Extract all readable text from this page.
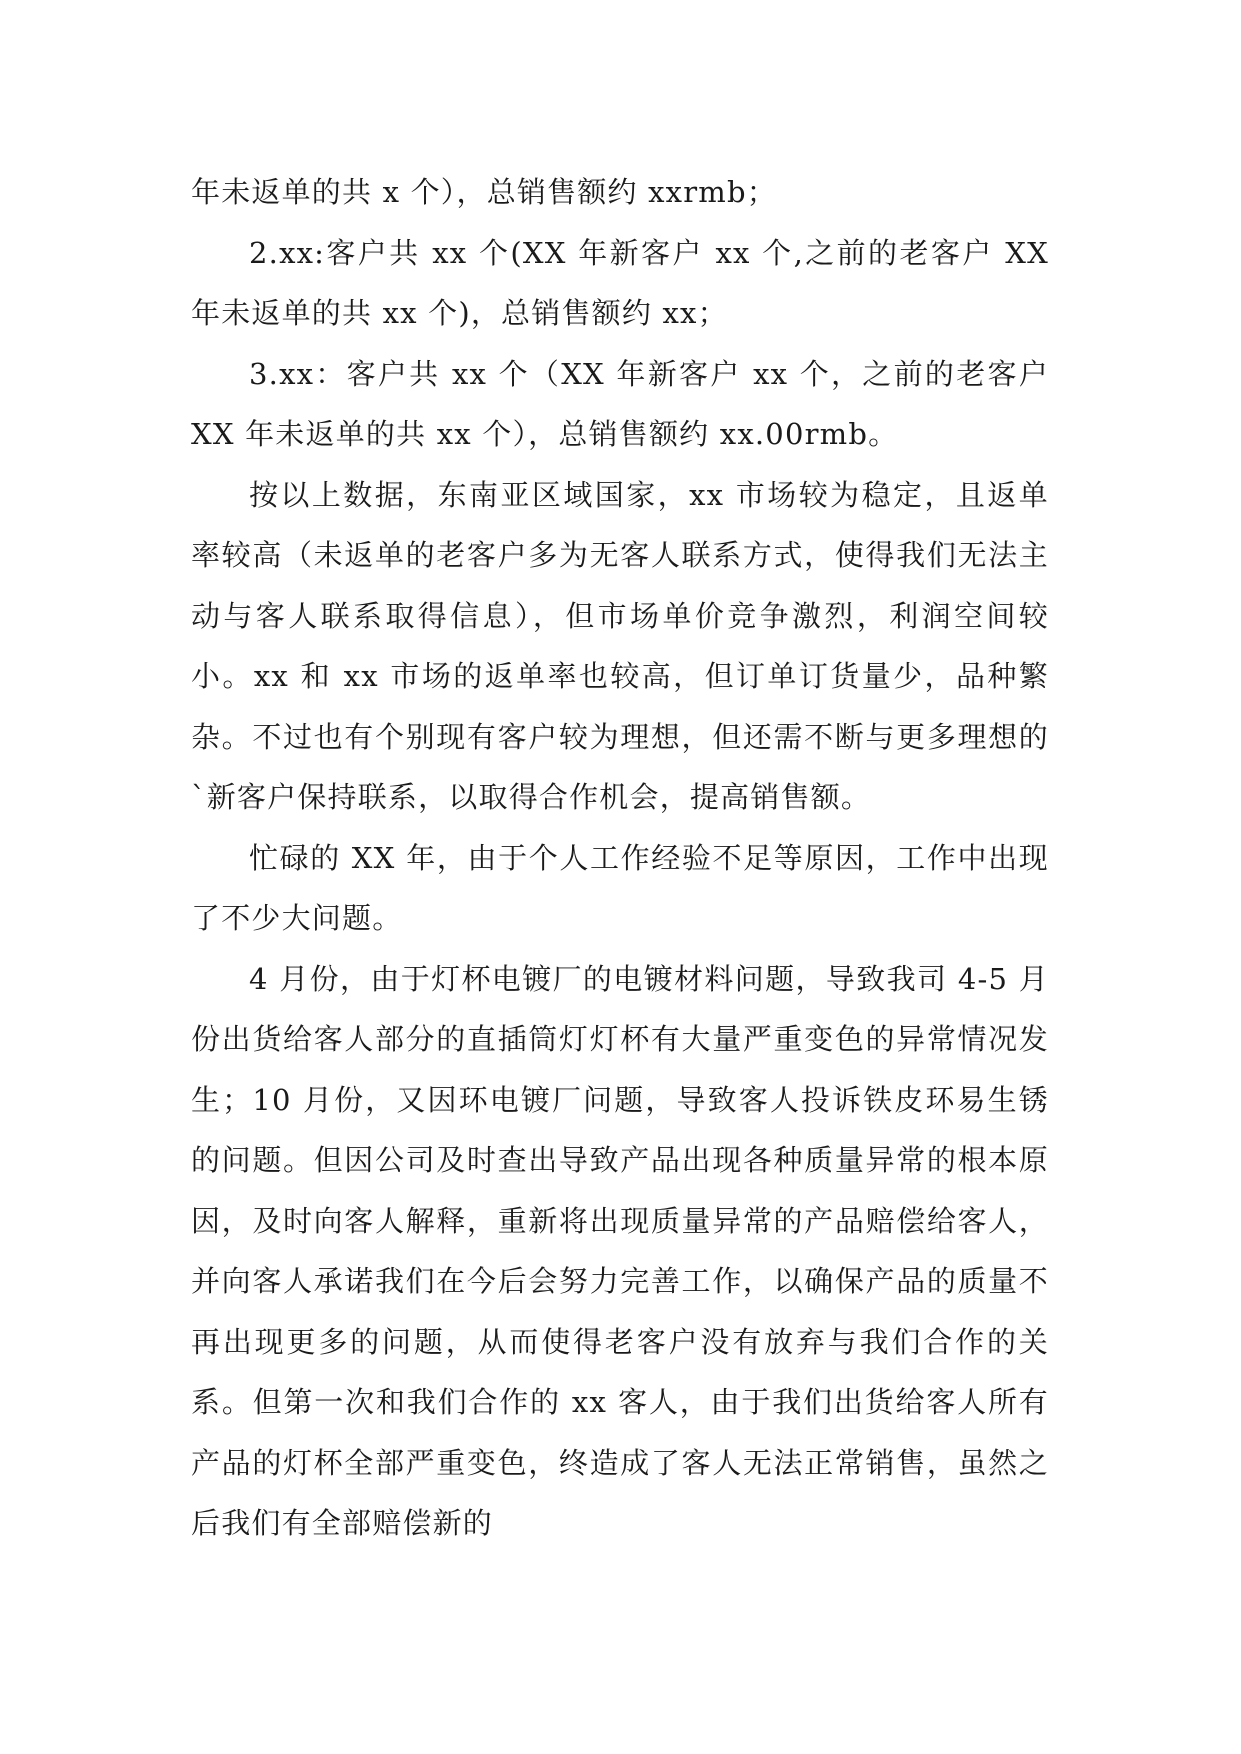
年未返单的共 x 个），总销售额约 xxrmb；

2.xx:客户共 xx 个(XX 年新客户 xx 个,之前的老客户 XX 年未返单的共 xx 个)，总销售额约 xx；

3.xx：客户共 xx 个（XX 年新客户 xx 个，之前的老客户 XX 年未返单的共 xx 个），总销售额约 xx.00rmb。

按以上数据，东南亚区域国家，xx 市场较为稳定，且返单率较高（未返单的老客户多为无客人联系方式，使得我们无法主动与客人联系取得信息），但市场单价竞争激烈，利润空间较小。xx 和 xx 市场的返单率也较高，但订单订货量少，品种繁杂。不过也有个别现有客户较为理想，但还需不断与更多理想的`新客户保持联系，以取得合作机会，提高销售额。

忙碌的 XX 年，由于个人工作经验不足等原因，工作中出现了不少大问题。

4 月份，由于灯杯电镀厂的电镀材料问题，导致我司 4-5 月份出货给客人部分的直插筒灯灯杯有大量严重变色的异常情况发生；10 月份，又因环电镀厂问题，导致客人投诉铁皮环易生锈的问题。但因公司及时查出导致产品出现各种质量异常的根本原因，及时向客人解释，重新将出现质量异常的产品赔偿给客人，并向客人承诺我们在今后会努力完善工作，以确保产品的质量不再出现更多的问题，从而使得老客户没有放弃与我们合作的关系。但第一次和我们合作的 xx 客人，由于我们出货给客人所有产品的灯杯全部严重变色，终造成了客人无法正常销售，虽然之后我们有全部赔偿新的
